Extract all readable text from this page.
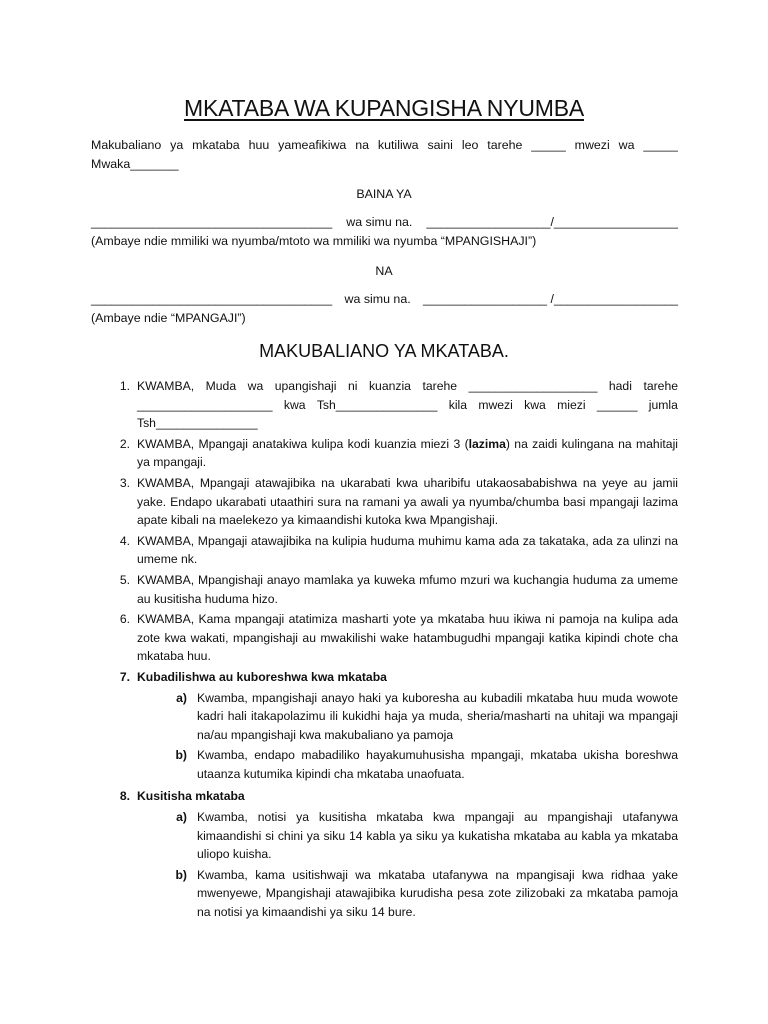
MKATABA WA KUPANGISHA NYUMBA
Makubaliano ya mkataba huu yameafikiwa na kutiliwa saini leo tarehe _____ mwezi wa _____
Mwaka_______
BAINA YA
___________________________________ wa simu na. __________________/__________________
(Ambaye ndie mmiliki wa nyumba/mtoto wa mmiliki wa nyumba “MPANGISHAJI”)
NA
___________________________________ wa simu na. __________________ /__________________
(Ambaye ndie “MPANGAJI”)
MAKUBALIANO YA MKATABA.
1. KWAMBA, Muda wa upangishaji ni kuanzia tarehe ___________________ hadi tarehe
____________________ kwa Tsh_______________ kila mwezi kwa miezi ______ jumla
Tsh_______________
2. KWAMBA, Mpangaji anatakiwa kulipa kodi kuanzia miezi 3 (lazima) na zaidi kulingana na mahitaji ya mpangaji.
3. KWAMBA, Mpangaji atawajibika na ukarabati kwa uharibifu utakaosababishwa na yeye au jamii yake. Endapo ukarabati utaathiri sura na ramani ya awali ya nyumba/chumba basi mpangaji lazima apate kibali na maelekezo ya kimaandishi kutoka kwa Mpangishaji.
4. KWAMBA, Mpangaji atawajibika na kulipia huduma muhimu kama ada za takataka, ada za ulinzi na umeme nk.
5. KWAMBA, Mpangishaji anayo mamlaka ya kuweka mfumo mzuri wa kuchangia huduma za umeme au kusitisha huduma hizo.
6. KWAMBA, Kama mpangaji atatimiza masharti yote ya mkataba huu ikiwa ni pamoja na kulipa ada zote kwa wakati, mpangishaji au mwakilishi wake hatambugudhi mpangaji katika kipindi chote cha mkataba huu.
7. Kubadilishwa au kuboreshwa kwa mkataba
a) Kwamba, mpangishaji anayo haki ya kuboresha au kubadili mkataba huu muda wowote kadri hali itakapolazimu ili kukidhi haja ya muda, sheria/masharti na uhitaji wa mpangaji na/au mpangishaji kwa makubaliano ya pamoja
b) Kwamba, endapo mabadiliko hayakumuhusisha mpangaji, mkataba ukisha boreshwa utaanza kutumika kipindi cha mkataba unaofuata.
8. Kusitisha mkataba
a) Kwamba, notisi ya kusitisha mkataba kwa mpangaji au mpangishaji utafanywa kimaandishi si chini ya siku 14 kabla ya siku ya kukatisha mkataba au kabla ya mkataba uliopo kuisha.
b) Kwamba, kama usitishwaji wa mkataba utafanywa na mpangisaji kwa ridhaa yake mwenyewe, Mpangishaji atawajibika kurudisha pesa zote zilizobaki za mkataba pamoja na notisi ya kimaandishi ya siku 14 bure.
